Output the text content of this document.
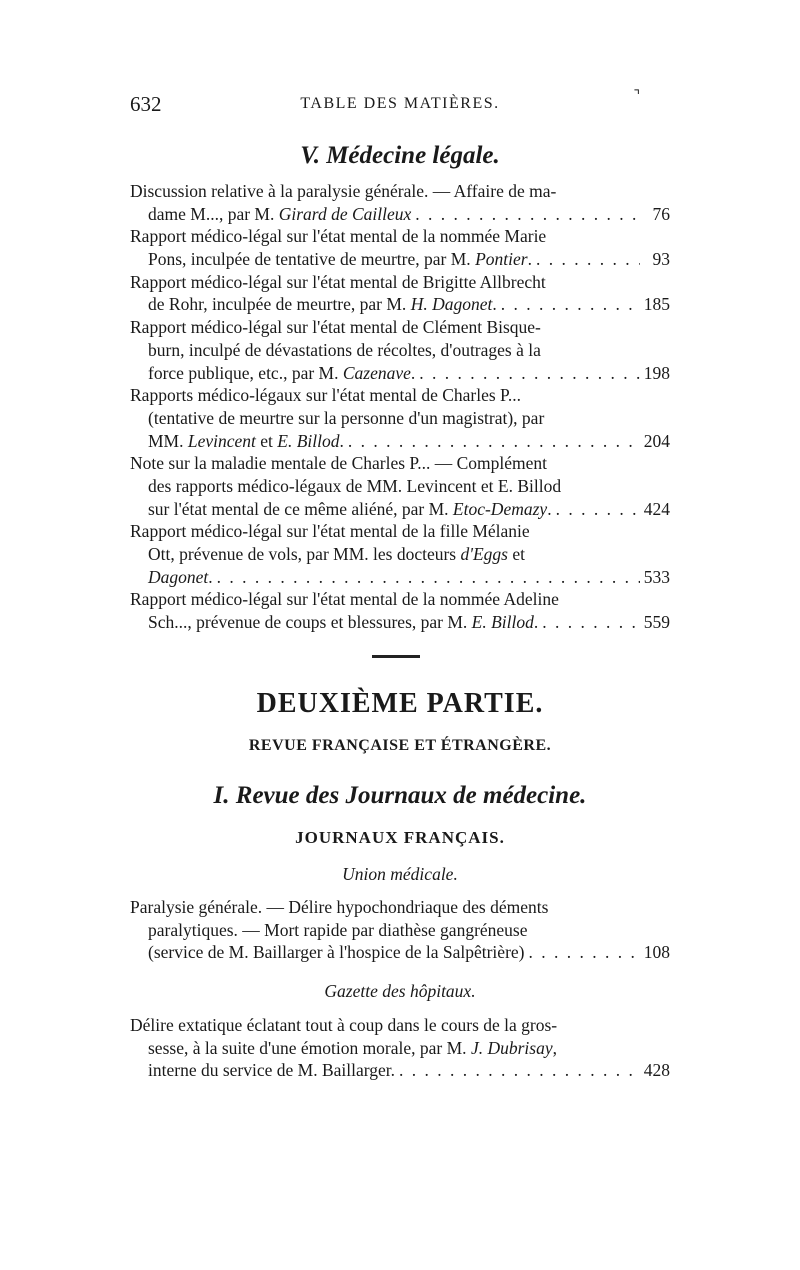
632	TABLE DES MATIÈRES.	⌝
V. Médecine légale.
Discussion relative à la paralysie générale. — Affaire de ma-
dame M..., par M. Girard de Cailleux . . .	76
Rapport médico-légal sur l'état mental de la nommée Marie
Pons, inculpée de tentative de meurtre, par M. Pontier. . . .	93
Rapport médico-légal sur l'état mental de Brigitte Allbrecht
de Rohr, inculpée de meurtre, par M. H. Dagonet. . . .	185
Rapport médico-légal sur l'état mental de Clément Bisque-
burn, inculpé de dévastations de récoltes, d'outrages à la
force publique, etc., par M. Cazenave. . . .	198
Rapports médico-légaux sur l'état mental de Charles P...
(tentative de meurtre sur la personne d'un magistrat), par
MM. Levincent et E. Billod. . . .	204
Note sur la maladie mentale de Charles P... — Complément
des rapports médico-légaux de MM. Levincent et E. Billod
sur l'état mental de ce même aliéné, par M. Etoc-Demazy. . . .	424
Rapport médico-légal sur l'état mental de la fille Mélanie
Ott, prévenue de vols, par MM. les docteurs d'Eggs et
Dagonet. . . .	533
Rapport médico-légal sur l'état mental de la nommée Adeline
Sch..., prévenue de coups et blessures, par M. E. Billod. . . .	559
DEUXIÈME PARTIE.
REVUE FRANÇAISE ET ÉTRANGÈRE.
I. Revue des Journaux de médecine.
JOURNAUX FRANÇAIS.
Union médicale.
Paralysie générale. — Délire hypochondriaque des déments
paralytiques. — Mort rapide par diathèse gangréneuse
(service de M. Baillarger à l'hospice de la Salpêtrière) . . .	108
Gazette des hôpitaux.
Délire extatique éclatant tout à coup dans le cours de la gros-
sesse, à la suite d'une émotion morale, par M. J. Dubrisay,
interne du service de M. Baillarger. . . .	428
